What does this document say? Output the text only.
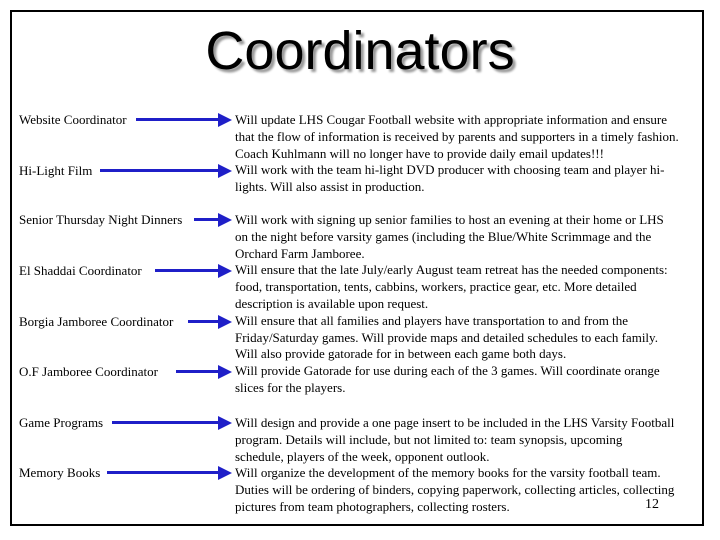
Coordinators
Website Coordinator
Hi-Light Film
Senior Thursday Night Dinners
El Shaddai Coordinator
Borgia Jamboree Coordinator
O.F Jamboree Coordinator
Game Programs
Memory Books
Will update LHS Cougar Football website with appropriate information and ensure
that the flow of information is received by parents and supporters in a timely fashion.
Coach Kuhlmann will no longer have to provide daily email updates!!!
Will work with the team hi-light DVD producer with choosing team and player hi-
lights. Will also assist in production.
Will work with signing up senior families to host an evening at their home or LHS
on the night before varsity games (including the Blue/White Scrimmage and the
Orchard Farm Jamboree.
Will ensure that the late July/early August team retreat has the needed components:
food, transportation, tents, cabbins, workers, practice gear, etc. More detailed
description is available upon request.
Will ensure that all families and players have transportation to and from the
Friday/Saturday games. Will provide maps and detailed schedules to each family.
Will also provide gatorade for in between each game both days.
Will provide Gatorade for use during each of the 3 games. Will coordinate orange
slices for the players.
Will design and provide a one page insert to be included in the LHS Varsity Football
program. Details will include, but not limited to: team synopsis, upcoming
schedule, players of the week, opponent outlook.
Will organize the development of the memory books for the varsity football team.
Duties will be ordering of binders, copying paperwork, collecting articles, collecting
pictures from team photographers, collecting rosters.	12
